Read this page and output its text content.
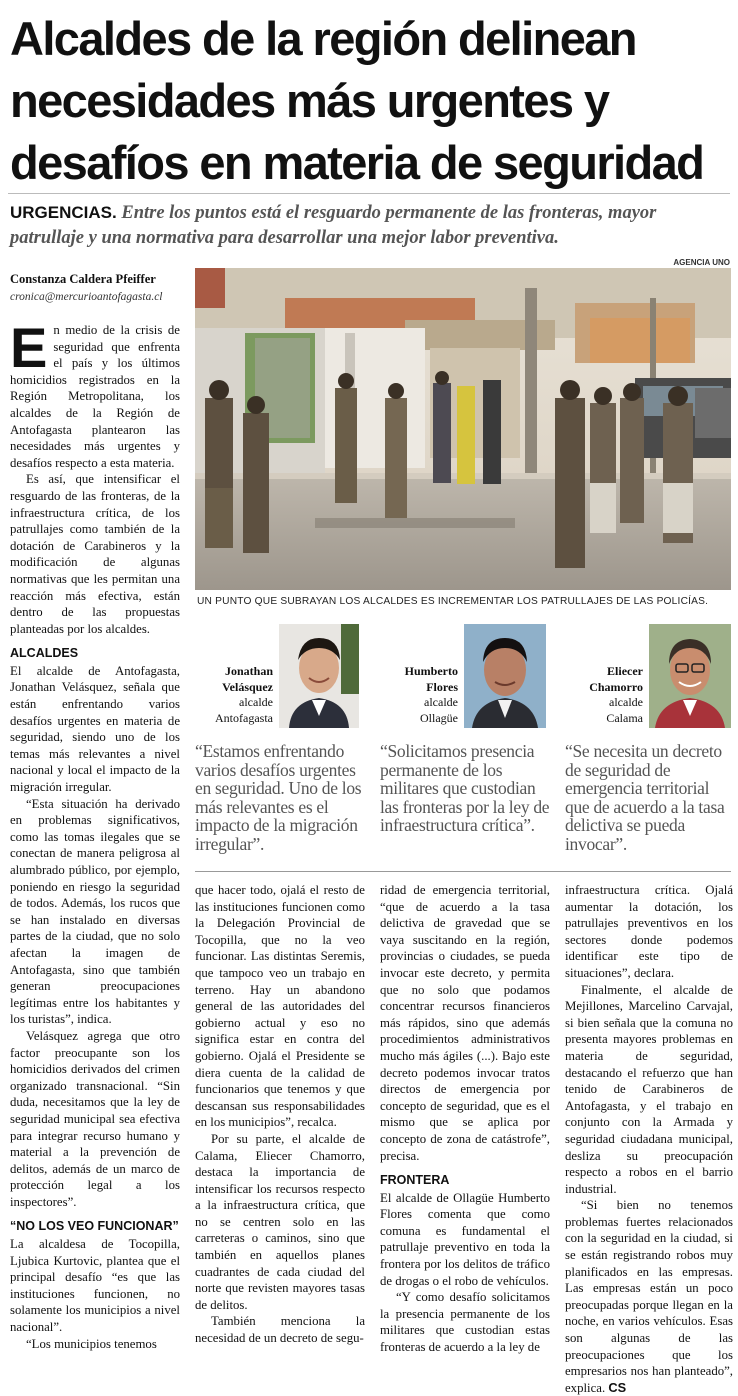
Alcaldes de la región delinean
necesidades más urgentes y
desafíos en materia de seguridad
URGENCIAS. Entre los puntos está el resguardo permanente de las fronteras, mayor patrullaje y una normativa para desarrollar una mejor labor preventiva.
Constanza Caldera Pfeiffer
cronica@mercurioantofagasta.cl
AGENCIA UNO
UN PUNTO QUE SUBRAYAN LOS ALCALDES ES INCREMENTAR LOS PATRULLAJES DE LAS POLICÍAS.

En medio de la crisis de seguridad que enfrenta el país y los últimos homicidios registrados en la Región Metropolitana, los alcaldes de la Región de Antofagasta plantearon las necesidades más urgentes y desafíos respecto a esta materia.

Es así, que intensificar el resguardo de las fronteras, de la infraestructura crítica, de los patrullajes como también de la dotación de Carabineros y la modificación de algunas normativas que les permitan una reacción más efectiva, están dentro de las propuestas planteadas por los alcaldes.

ALCALDES

El alcalde de Antofagasta, Jonathan Velásquez, señala que están enfrentando varios desafíos urgentes en materia de seguridad, siendo uno de los temas más relevantes a nivel nacional y local el impacto de la migración irregular.

“Esta situación ha derivado en problemas significativos, como las tomas ilegales que se conectan de manera peligrosa al alumbrado público, por ejemplo, poniendo en riesgo la seguridad de todos. Además, los rucos que se han instalado en diversas partes de la ciudad, que no solo afectan la imagen de Antofagasta, sino que también generan preocupaciones legítimas entre los habitantes y los turistas”, indica.

Velásquez agrega que otro factor preocupante son los homicidios derivados del crimen organizado transnacional. “Sin duda, necesitamos que la ley de seguridad municipal sea efectiva para integrar recurso humano y material a la prevención de delitos, además de un marco de protección legal a los inspectores”.

“NO LOS VEO FUNCIONAR”

La alcaldesa de Tocopilla, Ljubica Kurtovic, plantea que el principal desafío “es que las instituciones funcionen, no solamente los municipios a nivel nacional”.

“Los municipios tenemos

Jonathan
Velásquez
alcalde
Antofagasta
Humberto
Flores
alcalde
Ollagüe
Eliecer
Chamorro
alcalde
Calama
“Estamos enfrentando varios desafíos urgentes en seguridad. Uno de los más relevantes es el impacto de la migración irregular”.
“Solicitamos presencia permanente de los militares que custodian las fronteras por la ley de infraestructura crítica”.
“Se necesita un decreto de seguridad de emergencia territorial que de acuerdo a la tasa delictiva se pueda invocar”.

que hacer todo, ojalá el resto de las instituciones funcionen como la Delegación Provincial de Tocopilla, que no la veo funcionar. Las distintas Seremis, que tampoco veo un trabajo en terreno. Hay un abandono general de las autoridades del gobierno actual y eso no significa estar en contra del gobierno. Ojalá el Presidente se diera cuenta de la calidad de funcionarios que tenemos y que descansan sus responsabilidades en los municipios”, recalca.

Por su parte, el alcalde de Calama, Eliecer Chamorro, destaca la importancia de intensificar los recursos respecto a la infraestructura crítica, que no se centren solo en las carreteras o caminos, sino que también en aquellos planes cuadrantes de cada ciudad del norte que revisten mayores tasas de delitos.

También menciona la necesidad de un decreto de segu-

ridad de emergencia territorial, “que de acuerdo a la tasa delictiva de gravedad que se vaya suscitando en la región, provincias o ciudades, se pueda invocar este decreto, y permita que no solo que podamos concentrar recursos financieros más rápidos, sino que además procedimientos administrativos mucho más ágiles (...). Bajo este decreto podemos invocar tratos directos de emergencia por concepto de seguridad, que es el mismo que se aplica por concepto de zona de catástrofe”, precisa.

FRONTERA

El alcalde de Ollagüe Humberto Flores comenta que como comuna es fundamental el patrullaje preventivo en toda la frontera por los delitos de tráfico de drogas o el robo de vehículos.

“Y como desafío solicitamos la presencia permanente de los militares que custodian estas fronteras de acuerdo a la ley de

infraestructura crítica. Ojalá aumentar la dotación, los patrullajes preventivos en los sectores donde podemos identificar este tipo de situaciones”, declara.

Finalmente, el alcalde de Mejillones, Marcelino Carvajal, si bien señala que la comuna no presenta mayores problemas en materia de seguridad, destacando el refuerzo que han tenido de Carabineros de Antofagasta, y el trabajo en conjunto con la Armada y seguridad ciudadana municipal, desliza su preocupación respecto a robos en el barrio industrial.

“Si bien no tenemos problemas fuertes relacionados con la seguridad en la ciudad, si se están registrando robos muy planificados en las empresas. Las empresas están un poco preocupadas porque llegan en la noche, en varios vehículos. Esas son algunas de las preocupaciones que los empresarios nos han planteado”, explica. CS
